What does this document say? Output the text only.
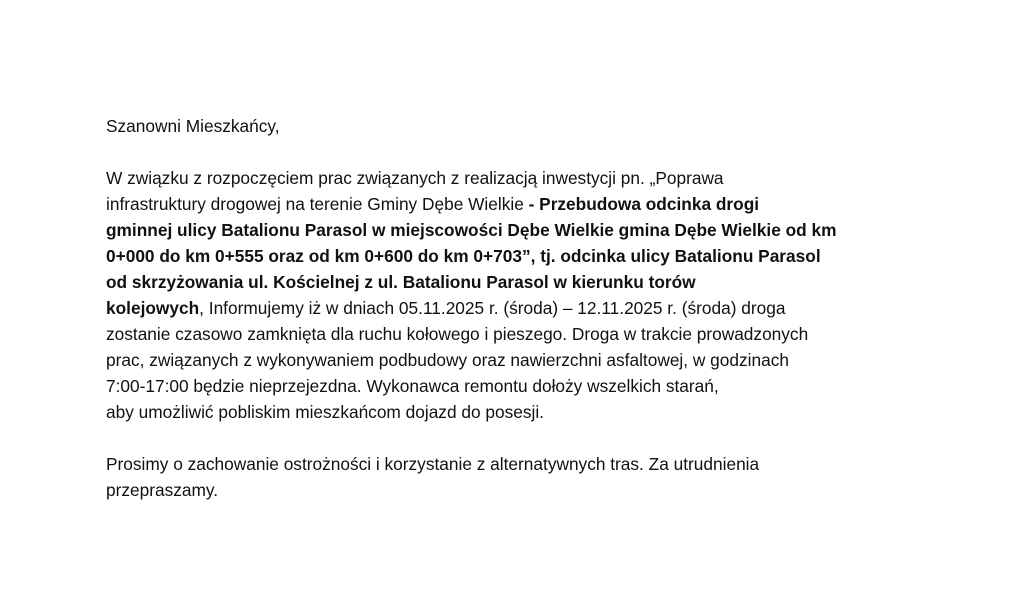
Szanowni Mieszkańcy,

W związku z rozpoczęciem prac związanych z realizacją inwestycji pn. „Poprawa
infrastruktury drogowej na terenie Gminy Dębe Wielkie - Przebudowa odcinka drogi
gminnej ulicy Batalionu Parasol w miejscowości Dębe Wielkie gmina Dębe Wielkie od km
0+000 do km 0+555 oraz od km 0+600 do km 0+703”, tj. odcinka ulicy Batalionu Parasol
od skrzyżowania ul. Kościelnej z ul. Batalionu Parasol w kierunku torów
kolejowych, Informujemy iż w dniach 05.11.2025 r. (środa) – 12.11.2025 r. (środa) droga
zostanie czasowo zamknięta dla ruchu kołowego i pieszego. Droga w trakcie prowadzonych
prac, związanych z wykonywaniem podbudowy oraz nawierzchni asfaltowej, w godzinach
7:00-17:00 będzie nieprzejezdna. Wykonawca remontu dołoży wszelkich starań,
aby umożliwić pobliskim mieszkańcom dojazd do posesji.

Prosimy o zachowanie ostrożności i korzystanie z alternatywnych tras. Za utrudnienia
przepraszamy.
